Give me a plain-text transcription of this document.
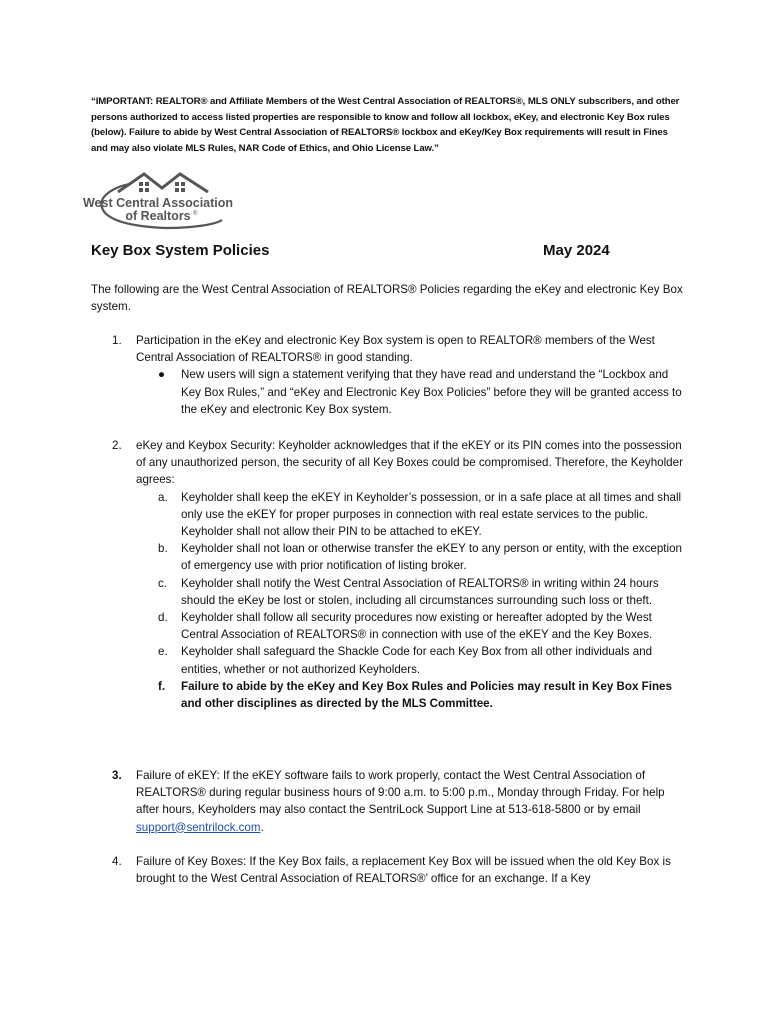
“IMPORTANT: REALTOR® and Affiliate Members of the West Central Association of REALTORS®, MLS ONLY subscribers, and other persons authorized to access listed properties are responsible to know and follow all lockbox, eKey, and electronic Key Box rules (below). Failure to abide by West Central Association of REALTORS® lockbox and eKey/Key Box requirements will result in Fines and may also violate MLS Rules, NAR Code of Ethics, and Ohio License Law.”
West Central Association
of Realtors ®
Key Box System Policies	May 2024
The following are the West Central Association of REALTORS® Policies regarding the eKey and electronic Key Box system.
1. Participation in the eKey and electronic Key Box system is open to REALTOR® members of the West Central Association of REALTORS® in good standing.
● New users will sign a statement verifying that they have read and understand the “Lockbox and Key Box Rules,” and “eKey and Electronic Key Box Policies” before they will be granted access to the eKey and electronic Key Box system.
2. eKey and Keybox Security: Keyholder acknowledges that if the eKEY or its PIN comes into the possession of any unauthorized person, the security of all Key Boxes could be compromised. Therefore, the Keyholder agrees:
a. Keyholder shall keep the eKEY in Keyholder’s possession, or in a safe place at all times and shall only use the eKEY for proper purposes in connection with real estate services to the public. Keyholder shall not allow their PIN to be attached to eKEY.
b. Keyholder shall not loan or otherwise transfer the eKEY to any person or entity, with the exception of emergency use with prior notification of listing broker.
c. Keyholder shall notify the West Central Association of REALTORS® in writing within 24 hours should the eKey be lost or stolen, including all circumstances surrounding such loss or theft.
d. Keyholder shall follow all security procedures now existing or hereafter adopted by the West Central Association of REALTORS® in connection with use of the eKEY and the Key Boxes.
e. Keyholder shall safeguard the Shackle Code for each Key Box from all other individuals and entities, whether or not authorized Keyholders.
f. Failure to abide by the eKey and Key Box Rules and Policies may result in Key Box Fines and other disciplines as directed by the MLS Committee.
3. Failure of eKEY: If the eKEY software fails to work properly, contact the West Central Association of REALTORS® during regular business hours of 9:00 a.m. to 5:00 p.m., Monday through Friday. For help after hours, Keyholders may also contact the SentriLock Support Line at 513-618-5800 or by email support@sentrilock.com.
4. Failure of Key Boxes: If the Key Box fails, a replacement Key Box will be issued when the old Key Box is brought to the West Central Association of REALTORS®’ office for an exchange. If a Key
